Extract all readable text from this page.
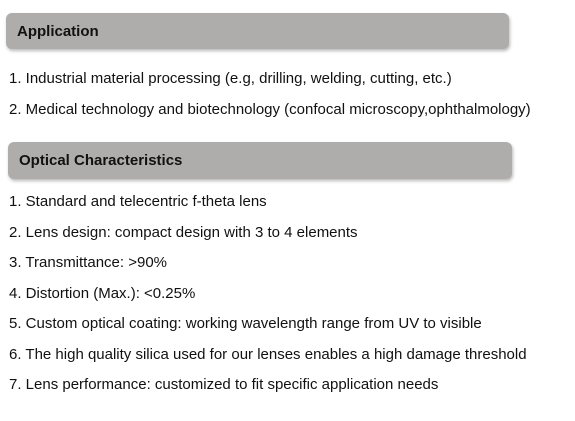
Application
1. Industrial material processing (e.g, drilling, welding, cutting, etc.)
2. Medical technology and biotechnology (confocal microscopy,ophthalmology)
Optical Characteristics
1. Standard and telecentric f-theta lens
2. Lens design: compact design with 3 to 4 elements
3. Transmittance: >90%
4. Distortion (Max.): <0.25%
5. Custom optical coating: working wavelength range from UV to visible
6. The high quality silica used for our lenses enables a high damage threshold
7. Lens performance: customized to fit specific application needs
